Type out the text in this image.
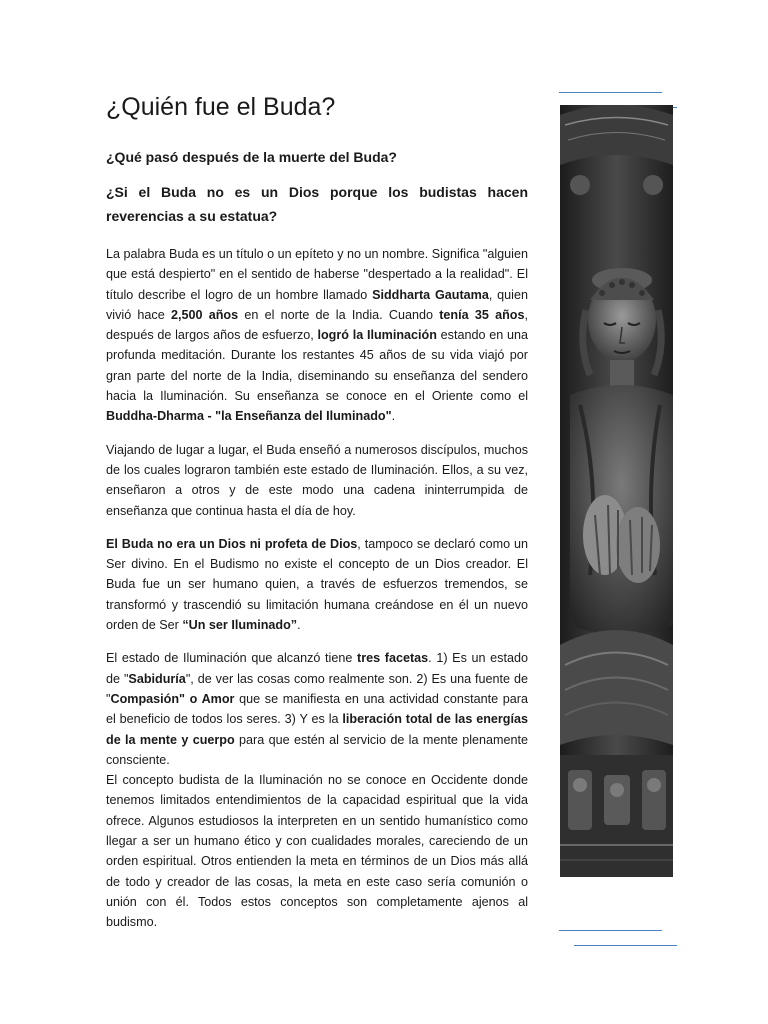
¿Quién fue el Buda?

¿Qué pasó después de la muerte del Buda?

¿Si el Buda no es un Dios porque los budistas hacen reverencias a su estatua?

La palabra Buda es un título o un epíteto y no un nombre. Significa "alguien que está despierto" en el sentido de haberse "despertado a la realidad". El título describe el logro de un hombre llamado Siddharta Gautama, quien vivió hace 2,500 años en el norte de la India. Cuando tenía 35 años, después de largos años de esfuerzo, logró la Iluminación estando en una profunda meditación. Durante los restantes 45 años de su vida viajó por gran parte del norte de la India, diseminando su enseñanza del sendero hacia la Iluminación. Su enseñanza se conoce en el Oriente como el Buddha-Dharma - "la Enseñanza del Iluminado".

Viajando de lugar a lugar, el Buda enseñó a numerosos discípulos, muchos de los cuales lograron también este estado de Iluminación. Ellos, a su vez, enseñaron a otros y de este modo una cadena ininterrumpida de enseñanza que continua hasta el día de hoy.

El Buda no era un Dios ni profeta de Dios, tampoco se declaró como un Ser divino. En el Budismo no existe el concepto de un Dios creador. El Buda fue un ser humano quien, a través de esfuerzos tremendos, se transformó y trascendió su limitación humana creándose en él un nuevo orden de Ser “Un ser Iluminado”.

El estado de Iluminación que alcanzó tiene tres facetas. 1) Es un estado de "Sabiduría", de ver las cosas como realmente son. 2) Es una fuente de "Compasión" o Amor que se manifiesta en una actividad constante para el beneficio de todos los seres. 3) Y es la liberación total de las energías de la mente y cuerpo para que estén al servicio de la mente plenamente consciente.

El concepto budista de la Iluminación no se conoce en Occidente donde tenemos limitados entendimientos de la capacidad espiritual que la vida ofrece. Algunos estudiosos la interpreten en un sentido humanístico como llegar a ser un humano ético y con cualidades morales, careciendo de un orden espiritual. Otros entienden la meta en términos de un Dios más allá de todo y creador de las cosas, la meta en este caso sería comunión o unión con él. Todos estos conceptos son completamente ajenos al budismo.
